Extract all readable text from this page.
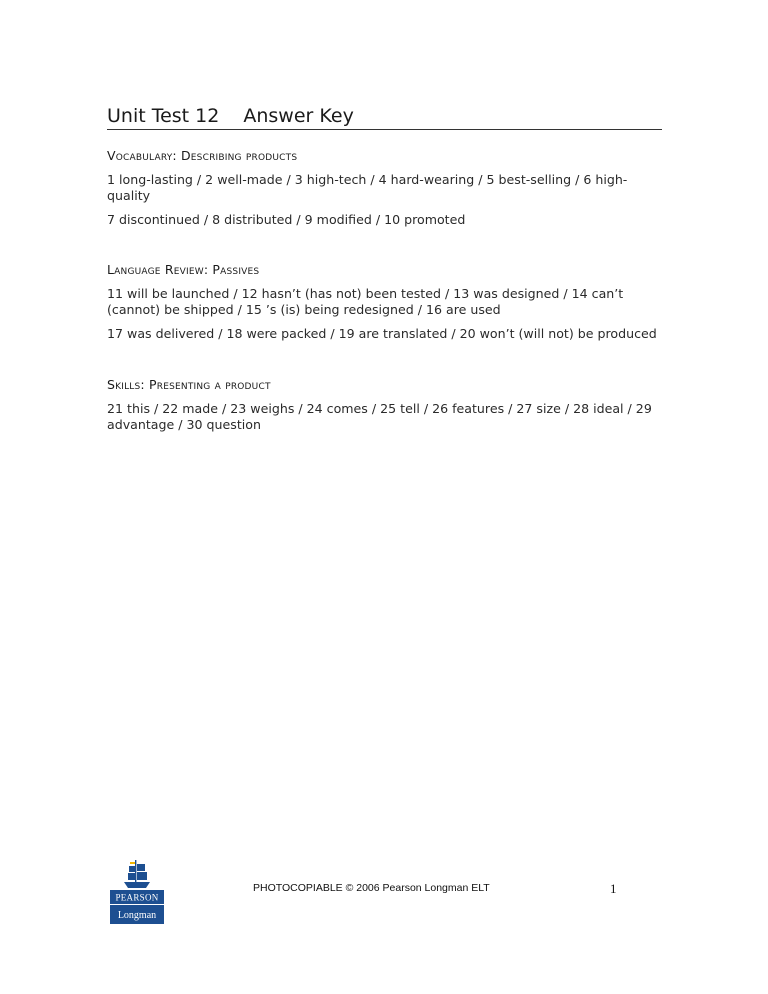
Unit Test 12 Answer Key
Vocabulary: Describing products
1 long-lasting / 2 well-made / 3 high-tech / 4 hard-wearing / 5 best-selling / 6 high-quality
7 discontinued / 8 distributed / 9 modified / 10 promoted
Language Review: Passives
11 will be launched / 12 hasn’t (has not) been tested / 13 was designed / 14 can’t (cannot) be shipped / 15 ’s (is) being redesigned / 16 are used
17 was delivered / 18 were packed / 19 are translated / 20 won’t (will not) be produced
Skills: Presenting a product
21 this / 22 made / 23 weighs / 24 comes / 25 tell / 26 features / 27 size / 28 ideal / 29 advantage / 30 question
PEARSON
Longman
PHOTOCOPIABLE © 2006 Pearson Longman ELT	1
